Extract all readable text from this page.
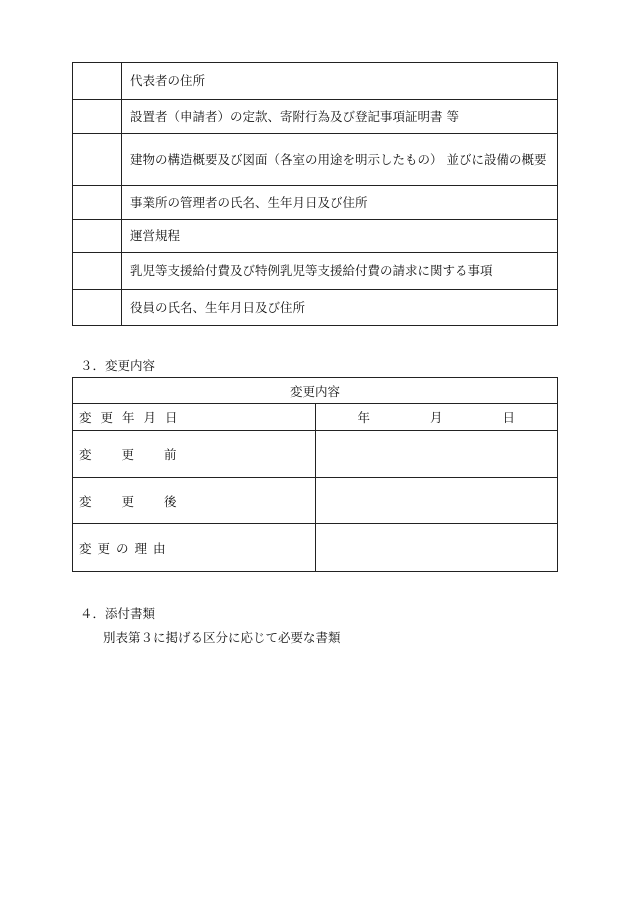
	代表者の住所
	設置者（申請者）の定款、寄附行為及び登記事項証明書 等
	建物の構造概要及び図面（各室の用途を明示したもの） 並びに設備の概要
	事業所の管理者の氏名、生年月日及び住所
	運営規程
	乳児等支援給付費及び特例乳児等支援給付費の請求に関する事項
	役員の氏名、生年月日及び住所
３．変更内容
変更内容	

変更年月日	年 月 日

変更前	
変更後	
変更の理由	
４．添付書類
別表第３に掲げる区分に応じて必要な書類
